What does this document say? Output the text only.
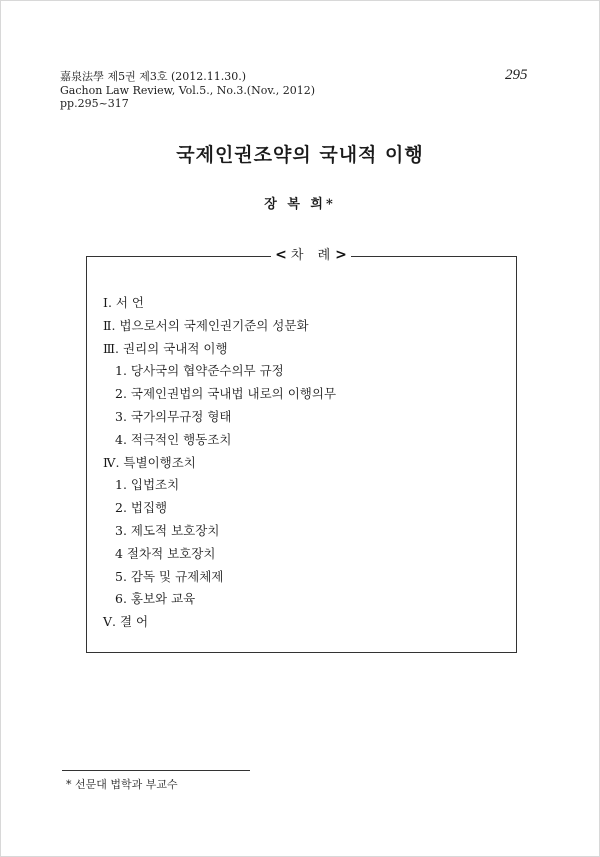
嘉泉法學 제5권 제3호 (2012.11.30.)
Gachon Law Review, Vol.5., No.3.(Nov., 2012)
pp.295~317
295
국제인권조약의 국내적 이행
장 복 희*
< 차 례>
Ⅰ. 서 언
Ⅱ. 법으로서의 국제인권기준의 성문화
Ⅲ. 권리의 국내적 이행
1. 당사국의 협약준수의무 규정
2. 국제인권법의 국내법 내로의 이행의무
3. 국가의무규정 형태
4. 적극적인 행동조치
Ⅳ. 특별이행조치
1. 입법조치
2. 법집행
3. 제도적 보호장치
4 절차적 보호장치
5. 감독 및 규제체제
6. 홍보와 교육
Ⅴ. 결 어
* 선문대 법학과 부교수
